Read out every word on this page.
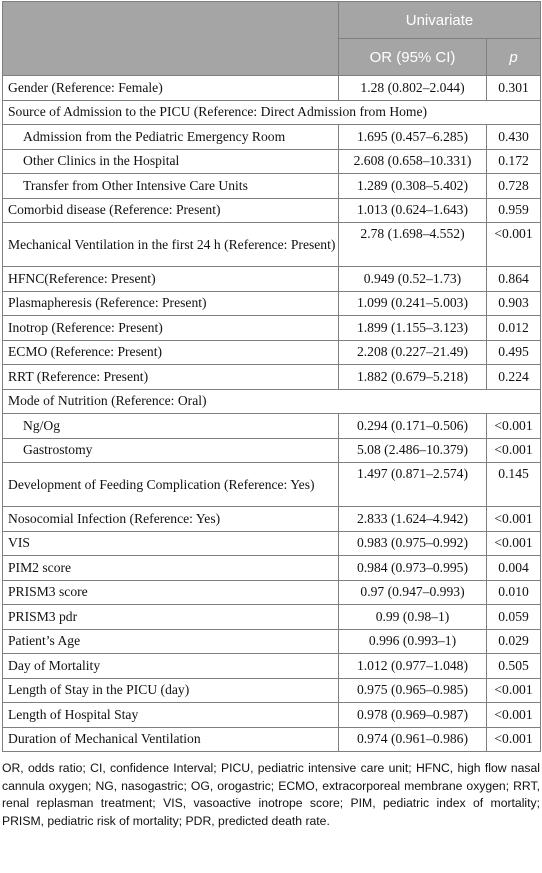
	Univariate	
	OR (95% CI)	p
Gender (Reference: Female)	1.28 (0.802–2.044)	0.301
Source of Admission to the PICU (Reference: Direct Admission from Home)		
Admission from the Pediatric Emergency Room	1.695 (0.457–6.285)	0.430
Other Clinics in the Hospital	2.608 (0.658–10.331)	0.172
Transfer from Other Intensive Care Units	1.289 (0.308–5.402)	0.728
Comorbid disease (Reference: Present)	1.013 (0.624–1.643)	0.959
Mechanical Ventilation in the first 24 h (Reference: Present)	2.78 (1.698–4.552)	<0.001
HFNC(Reference: Present)	0.949 (0.52–1.73)	0.864
Plasmapheresis (Reference: Present)	1.099 (0.241–5.003)	0.903
Inotrop (Reference: Present)	1.899 (1.155–3.123)	0.012
ECMO (Reference: Present)	2.208 (0.227–21.49)	0.495
RRT (Reference: Present)	1.882 (0.679–5.218)	0.224
Mode of Nutrition (Reference: Oral)		
Ng/Og	0.294 (0.171–0.506)	<0.001
Gastrostomy	5.08 (2.486–10.379)	<0.001
Development of Feeding Complication (Reference: Yes)	1.497 (0.871–2.574)	0.145
Nosocomial Infection (Reference: Yes)	2.833 (1.624–4.942)	<0.001
VIS	0.983 (0.975–0.992)	<0.001
PIM2 score	0.984 (0.973–0.995)	0.004
PRISM3 score	0.97 (0.947–0.993)	0.010
PRISM3 pdr	0.99 (0.98–1)	0.059
Patient’s Age	0.996 (0.993–1)	0.029
Day of Mortality	1.012 (0.977–1.048)	0.505
Length of Stay in the PICU (day)	0.975 (0.965–0.985)	<0.001
Length of Hospital Stay	0.978 (0.969–0.987)	<0.001
Duration of Mechanical Ventilation	0.974 (0.961–0.986)	<0.001
OR, odds ratio; CI, confidence Interval; PICU, pediatric intensive care unit; HFNC, high flow nasal cannula oxygen; NG, nasogastric; OG, orogastric; ECMO, extracorporeal membrane oxygen; RRT, renal replasman treatment; VIS, vasoactive inotrope score; PIM, pediatric index of mortality; PRISM, pediatric risk of mortality; PDR, predicted death rate.
